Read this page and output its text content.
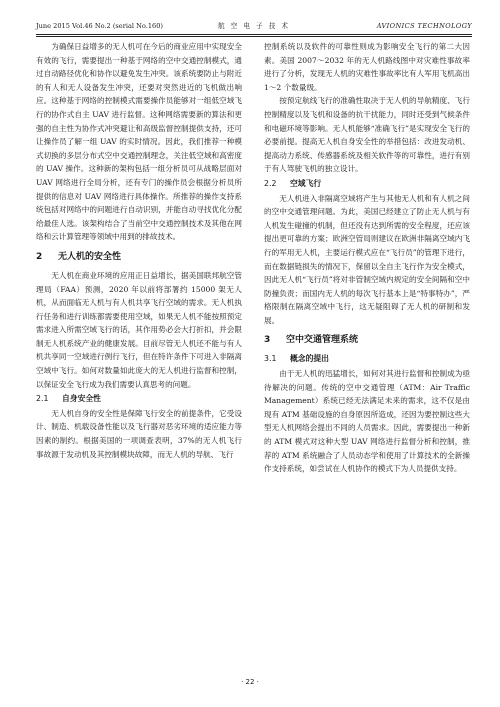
June 2015 Vol.46 No.2 (serial No.160)	航 空 电 子 技 术	AVIONICS TECHNOLOGY

为确保日益增多的无人机可在今后的商业应用中实现安全有效的飞行，需要提出一种基于网络的空中交通控制模式，通过自动路径优化和协作以避免发生冲突。该系统要防止与附近的有人和无人设备发生冲突，还要对突然进近的飞机做出响应。这种基于网络的控制模式需要操作员能够对一组低空域飞行的协作式自主 UAV 进行监督。这种网络需要新的算法和更强的自主性为协作式冲突避让和高级监督控制提供支持，还可让操作员了解一组 UAV 的实时情况。因此，我们推荐一种模式切换的多层分布式空中交通控制理念，关注低空域和高密度的 UAV 操作。这种新的架构包括一组分析员可从战略层面对 UAV 网络进行全局分析，还有专门的操作员会根据分析员所提供的信息对 UAV 网络进行具体操作。所推荐的操作支持系统包括对网络中的问题进行自动识别，并能自动寻找优化分配给最佳人选。该架构结合了当前空中交通控制技术及其他在网络和云计算管理等领域中用到的排故技术。

2 无人机的安全性

无人机在商业环境的应用正日益增长，据美国联邦航空管理局（FAA）预测，2020 年以前将部署约 15000 架无人机，从而面临无人机与有人机共享飞行空域的需求。无人机执行任务和进行训练都需要使用空域，如果无人机不能按照预定需求进入所需空域飞行的话，其作用势必会大打折扣，并会限制无人机系统产业的健康发展。目前尽管无人机还不能与有人机共享同一空域进行例行飞行，但在特许条件下可进入非隔离空域中飞行。如何对数量如此庞大的无人机进行监督和控制，以保证安全飞行成为我们需要认真思考的问题。

2.1 自身安全性

无人机自身的安全性是保障飞行安全的前提条件，它受设计、制造、机载设备性能以及飞行器对恶劣环境的适应能力等因素的制约。根据美国的一项调查表明，37%的无人机飞行事故源于发动机及其控制模块故障，而无人机的导航、飞行

控制系统以及软件的可靠性则成为影响安全飞行的第二大因素。美国 2007～2032 年的无人机路线图中对灾难性事故率进行了分析，发现无人机的灾难性事故率比有人军用飞机高出 1～2 个数量级。

按预定航线飞行的准确性取决于无人机的导航精度、飞行控制精度以及飞机和设备的抗干扰能力，同时还受到气候条件和电磁环境等影响。无人机能够“准确飞行”是实现安全飞行的必要前提。提高无人机自身安全性的举措包括：改进发动机、提高动力系统、传感器系统及相关软件等的可靠性，进行有别于有人驾驶飞机的独立设计。

2.2 空域飞行

无人机进入非隔离空域将产生与其他无人机和有人机之间的空中交通管理问题。为此，美国已经建立了防止无人机与有人机发生碰撞的机制，但还没有达到所需的安全程度，还应该提出更可靠的方案；欧洲空管局则建议在欧洲非隔离空域内飞行的军用无人机，主要运行模式应在“飞行员”的管理下进行，而在数据链损失的情况下，保留以全自主飞行作为安全模式，因此无人机“飞行员”将对非管制空域内规定的安全间隔和空中防撞负责；而国内无人机的每次飞行基本上是“特事特办”，严格限制在隔离空域中飞行，这无疑阻碍了无人机的研制和发展。

3 空中交通管理系统
3.1 概念的提出

由于无人机的迅猛增长，如何对其进行监督和控制成为亟待解决的问题。传统的空中交通管理（ATM：Air Traffic Management）系统已经无法满足未来的需求，这不仅是由现有 ATM 基础设施的自身原因所造成，还因为要控制这些大型无人机网络会提出不同的人员需求。因此，需要提出一种新的 ATM 模式对这种大型 UAV 网络进行监督分析和控制，推荐的 ATM 系统融合了人员动态学和使用了计算技术的全新操作支持系统，如尝试在人机协作的模式下为人员提供支持。

· 22 ·
